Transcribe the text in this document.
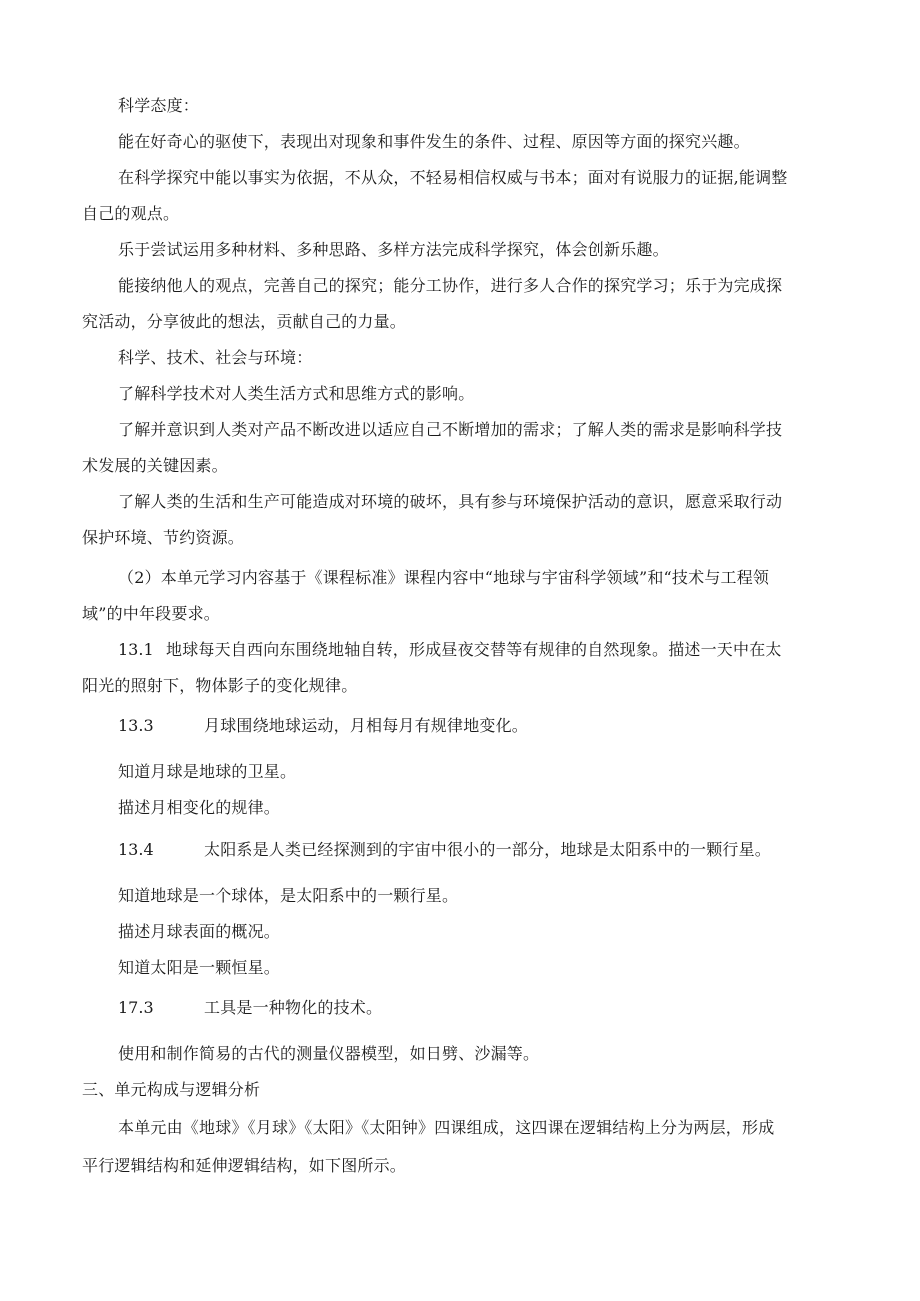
科学态度：
能在好奇心的驱使下，表现出对现象和事件发生的条件、过程、原因等方面的探究兴趣。
在科学探究中能以事实为依据，不从众，不轻易相信权威与书本；面对有说服力的证据,能调整
自己的观点。
乐于尝试运用多种材料、多种思路、多样方法完成科学探究，体会创新乐趣。
能接纳他人的观点，完善自己的探究；能分工协作，进行多人合作的探究学习；乐于为完成探
究活动，分享彼此的想法，贡献自己的力量。
科学、技术、社会与环境：
了解科学技术对人类生活方式和思维方式的影响。
了解并意识到人类对产品不断改进以适应自己不断增加的需求；了解人类的需求是影响科学技
术发展的关键因素。
了解人类的生活和生产可能造成对环境的破坏，具有参与环境保护活动的意识，愿意采取行动
保护环境、节约资源。
（2）本单元学习内容基于《课程标准》课程内容中“地球与宇宙科学领域”和“技术与工程领
域”的中年段要求。
13.1 地球每天自西向东围绕地轴自转，形成昼夜交替等有规律的自然现象。描述一天中在太
阳光的照射下，物体影子的变化规律。
13.3	月球围绕地球运动，月相每月有规律地变化。
知道月球是地球的卫星。
描述月相变化的规律。
13.4	太阳系是人类已经探测到的宇宙中很小的一部分，地球是太阳系中的一颗行星。
知道地球是一个球体，是太阳系中的一颗行星。
描述月球表面的概况。
知道太阳是一颗恒星。
17.3	工具是一种物化的技术。
使用和制作简易的古代的测量仪器模型，如日劈、沙漏等。
三、单元构成与逻辑分析
本单元由《地球》《月球》《太阳》《太阳钟》四课组成，这四课在逻辑结构上分为两层，形成
平行逻辑结构和延伸逻辑结构，如下图所示。
